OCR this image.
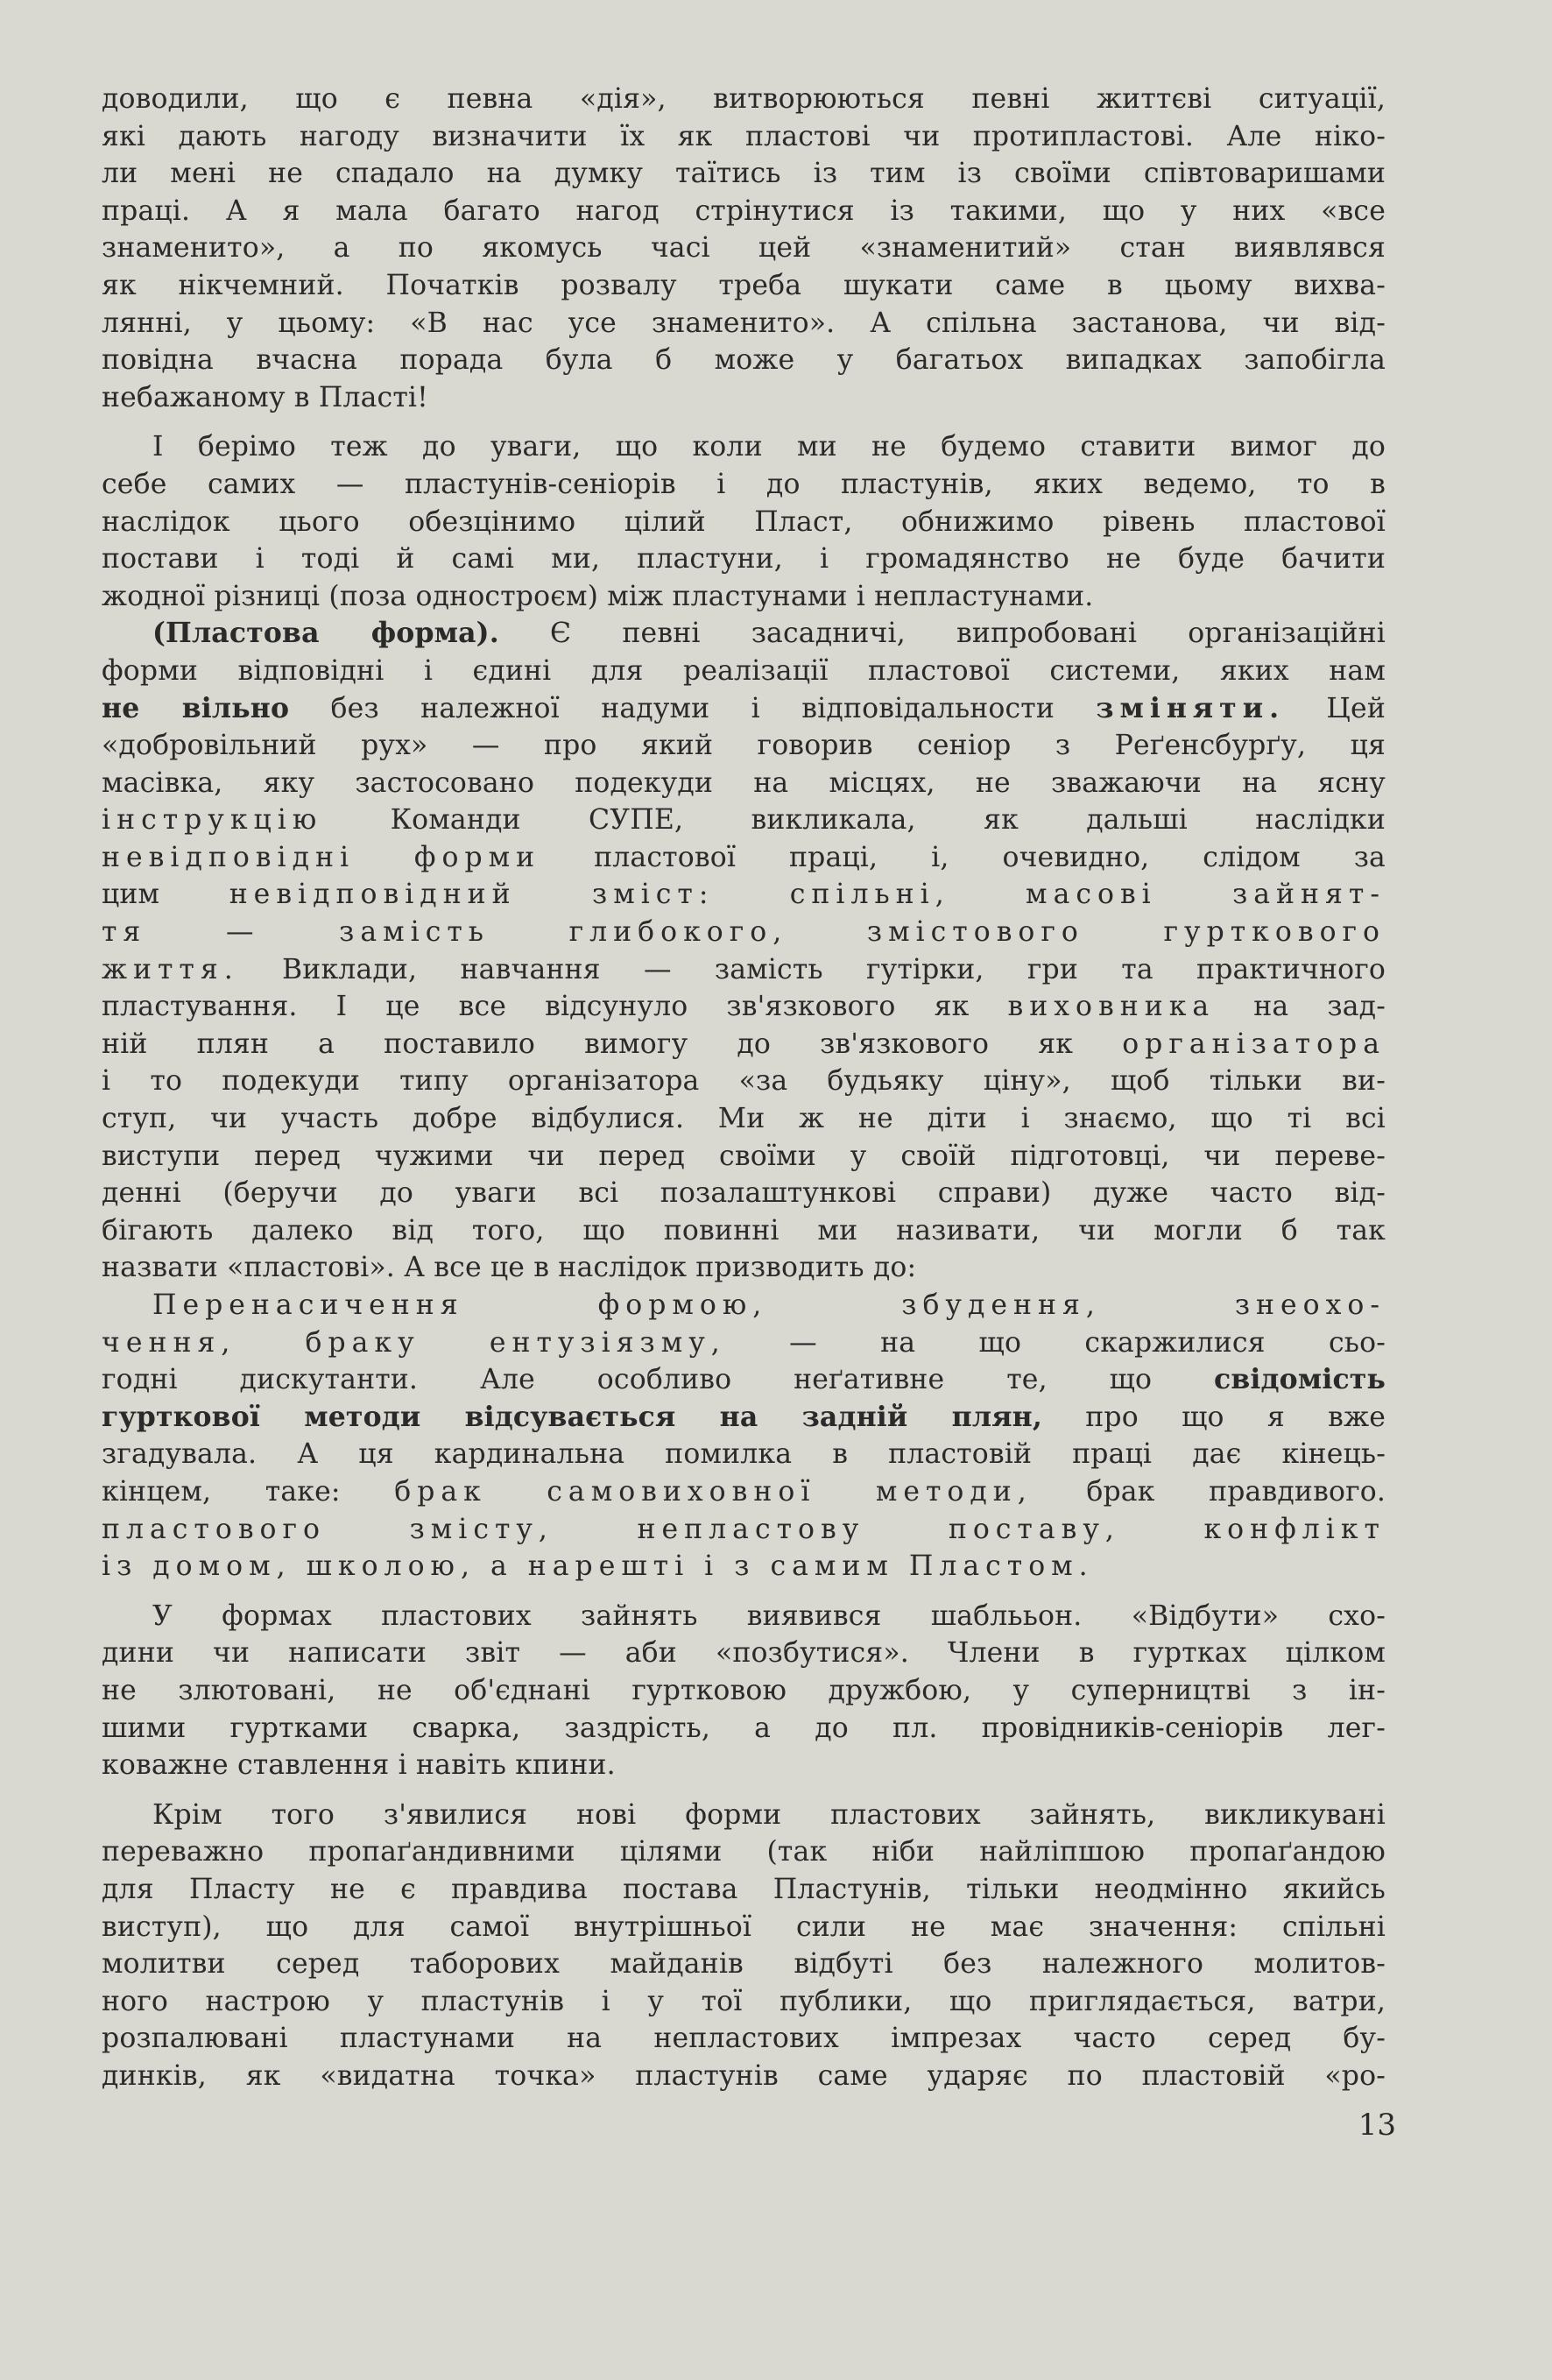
доводили, що є певна «дія», витворюються певні життєві ситуації,
які дають нагоду визначити їх як пластові чи протипластові. Але ніко-
ли мені не спадало на думку таїтись із тим із своїми співтоваришами
праці. А я мала багато нагод стрінутися із такими, що у них «все
знаменито», а по якомусь часі цей «знаменитий» стан виявлявся
як нікчемний. Початків розвалу треба шукати саме в цьому вихва-
лянні, у цьому: «В нас усе знаменито». А спільна застанова, чи від-
повідна вчасна порада була б може у багатьох випадках запобігла
небажаному в Пласті!
І берімо теж до уваги, що коли ми не будемо ставити вимог до
себе самих — пластунів-сеніорів і до пластунів, яких ведемо, то в
наслідок цього обезцінимо цілий Пласт, обнижимо рівень пластової
постави і тоді й самі ми, пластуни, і громадянство не буде бачити
жодної різниці (поза одностроєм) між пластунами і непластунами.
(Пластова форма). Є певні засадничі, випробовані організаційні
форми відповідні і єдині для реалізації пластової системи, яких нам
не вільно без належної надуми і відповідальности зміняти. Цей
«добровільний рух» — про який говорив сеніор з Реґенсбурґу, ця
масівка, яку застосовано подекуди на місцях, не зважаючи на ясну
інструкцію Команди СУПЕ, викликала, як дальші наслідки
невідповідні форми пластової праці, і, очевидно, слідом за
цим невідповідний зміст: спільні, масові зайнят-
тя — замість глибокого, змістового гурткового
життя. Виклади, навчання — замість гутірки, гри та практичного
пластування. І це все відсунуло зв'язкового як виховника на зад-
ній плян а поставило вимогу до зв'язкового як організатора
і то подекуди типу організатора «за будьяку ціну», щоб тільки ви-
ступ, чи участь добре відбулися. Ми ж не діти і знаємо, що ті всі
виступи перед чужими чи перед своїми у своїй підготовці, чи переве-
денні (беручи до уваги всі позалаштункові справи) дуже часто від-
бігають далеко від того, що повинні ми називати, чи могли б так
назвати «пластові». А все це в наслідок призводить до:
Перенасичення формою, збудення, знеохо-
чення, браку ентузіязму, — на що скаржилися сьо-
годні дискутанти. Але особливо неґативне те, що свідомість
гурткової методи відсувається на задній плян, про що я вже
згадувала. А ця кардинальна помилка в пластовій праці дає кінець-
кінцем, таке: брак самовиховної методи, брак правдивого.
пластового змісту, непластову поставу, конфлікт
із домом, школою, а нарешті і з самим Пластом.
У формах пластових зайнять виявився шаблььон. «Відбути» схо-
дини чи написати звіт — аби «позбутися». Члени в гуртках цілком
не злютовані, не об'єднані гуртковою дружбою, у суперництві з ін-
шими гуртками сварка, заздрість, а до пл. провідників-сеніорів лег-
коважне ставлення і навіть кпини.
Крім того з'явилися нові форми пластових зайнять, викликувані
переважно пропаґандивними цілями (так ніби найліпшою пропаґандою
для Пласту не є правдива постава Пластунів, тільки неодмінно якийсь
виступ), що для самої внутрішньої сили не має значення: спільні
молитви серед таборових майданів відбуті без належного молитов-
ного настрою у пластунів і у тої публики, що приглядається, ватри,
розпалювані пластунами на непластових імпрезах часто серед бу-
динків, як «видатна точка» пластунів саме ударяє по пластовій «ро-
13
